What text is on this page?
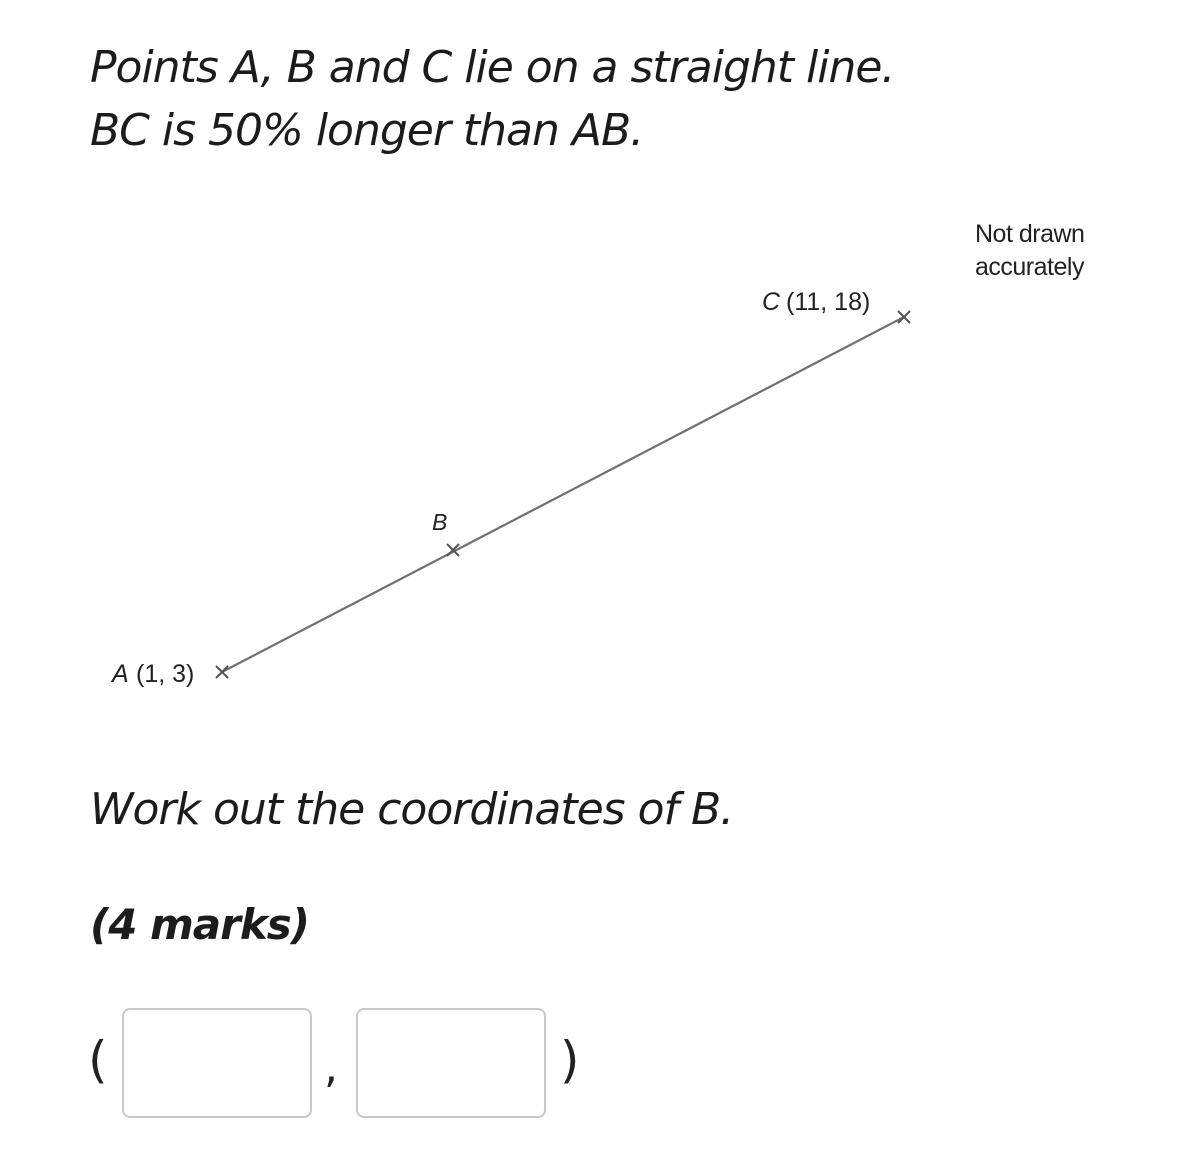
Points A, B and C lie on a straight line.
BC is 50% longer than AB.
A (1, 3)
B
C (11, 18)
Not drawn
accurately
Work out the coordinates of B.
(4 marks)
(	,	)
